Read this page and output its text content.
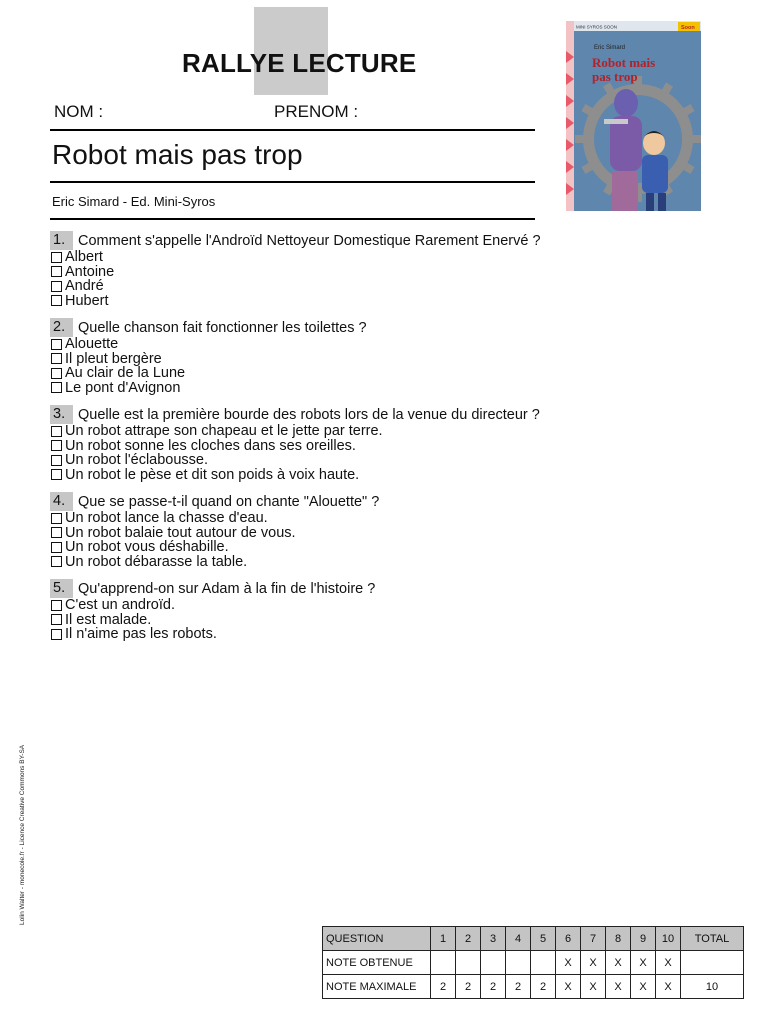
RALLYE LECTURE
NOM :	PRENOM :
Robot mais pas trop
Eric Simard - Ed. Mini-Syros
MINI SYROS SOON	Soon
Eric Simard
Robot mais
pas trop
1. Comment s'appelle l'Androïd Nettoyeur Domestique Rarement Enervé ?
Albert
Antoine
André
Hubert
2. Quelle chanson fait fonctionner les toilettes ?
Alouette
Il pleut bergère
Au clair de la Lune
Le pont d'Avignon
3. Quelle est la première bourde des robots lors de la venue du directeur ?
Un robot attrape son chapeau et le jette par terre.
Un robot sonne les cloches dans ses oreilles.
Un robot l'éclabousse.
Un robot le pèse et dit son poids à voix haute.
4. Que se passe-t-il quand on chante "Alouette" ?
Un robot lance la chasse d'eau.
Un robot balaie tout autour de vous.
Un robot vous déshabille.
Un robot débarasse la table.
5. Qu'apprend-on sur Adam à la fin de l'histoire ?
C'est un androïd.
Il est malade.
Il n'aime pas les robots.
Lolin Walter - monecole.fr - Licence Creative Commons BY-SA
QUESTION	1	2	3	4	5	6	7	8	9	10	TOTAL
NOTE OBTENUE						X	X	X	X	X	
NOTE MAXIMALE	2	2	2	2	2	X	X	X	X	X	10
